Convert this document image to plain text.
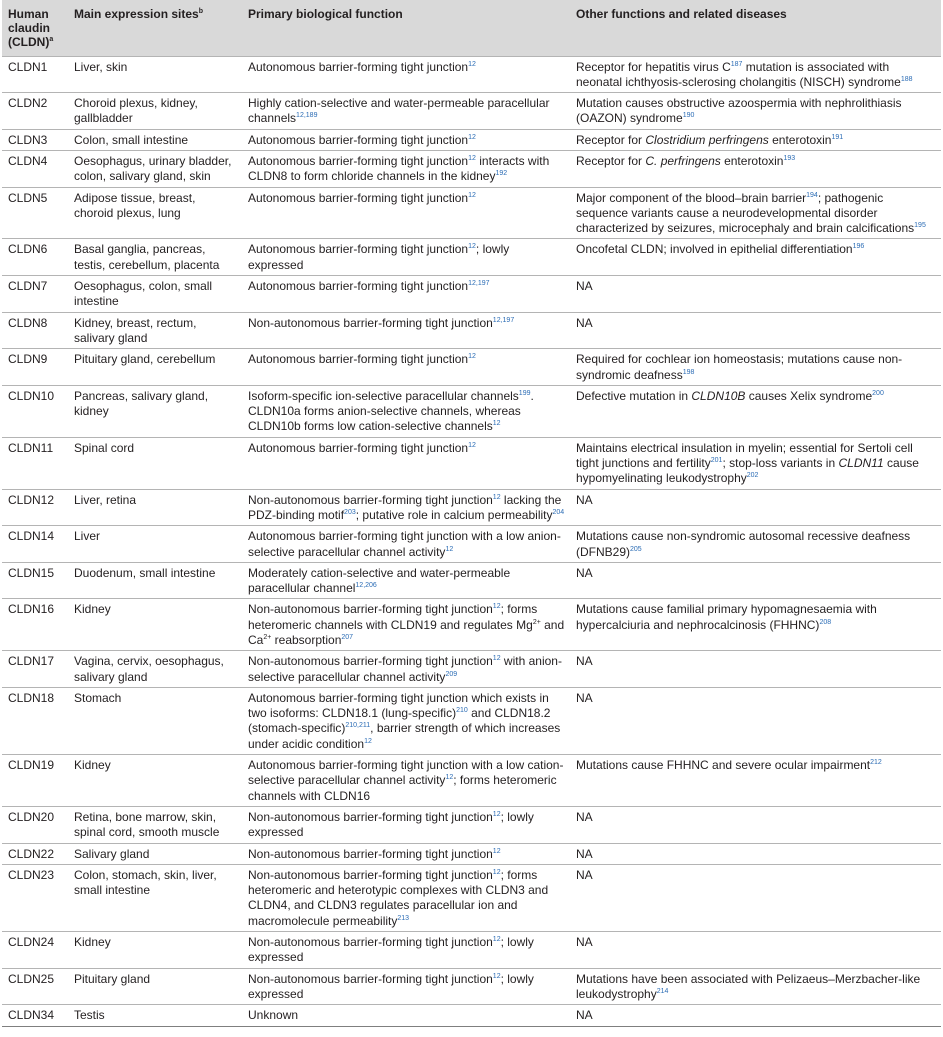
Human claudin (CLDN)$^a$	Main expression sites$^b$	Primary biological function	Other functions and related diseases
CLDN1	Liver, skin	Autonomous barrier-forming tight junction$^{12}$	Receptor for hepatitis virus $C^{187}$ mutation is associated with neonatal ichthyosis-sclerosing cholangitis (NISCH) syndrome$^{188}$
CLDN2	Choroid plexus, kidney, gallbladder	Highly cation-selective and water-permeable paracellular channels$^{12,189}$	Mutation causes obstructive azoospermia with nephrolithiasis (OAZON) syndrome$^{190}$
CLDN3	Colon, small intestine	Autonomous barrier-forming tight junction$^{12}$	Receptor for Clostridium perfringens enterotoxin$^{191}$
CLDN4	Oesophagus, urinary bladder, colon, salivary gland, skin	Autonomous barrier-forming tight junction$^{12}$ interacts with CLDN8 to form chloride channels in the kidney$^{192}$	Receptor for C. perfringens enterotoxin$^{193}$
CLDN5	Adipose tissue, breast, choroid plexus, lung	Autonomous barrier-forming tight junction$^{12}$	Major component of the blood–brain barrier$^{194}$; pathogenic sequence variants cause a neurodevelopmental disorder characterized by seizures, microcephaly and brain calcifications$^{195}$
CLDN6	Basal ganglia, pancreas, testis, cerebellum, placenta	Autonomous barrier-forming tight junction$^{12}$; lowly expressed	Oncofetal CLDN; involved in epithelial differentiation$^{196}$
CLDN7	Oesophagus, colon, small intestine	Autonomous barrier-forming tight junction$^{12,197}$	NA
CLDN8	Kidney, breast, rectum, salivary gland	Non-autonomous barrier-forming tight junction$^{12,197}$	NA
CLDN9	Pituitary gland, cerebellum	Autonomous barrier-forming tight junction$^{12}$	Required for cochlear ion homeostasis; mutations cause non-syndromic deafness$^{198}$
CLDN10	Pancreas, salivary gland, kidney	Isoform-specific ion-selective paracellular channels$^{199}$. CLDN10a forms anion-selective channels, whereas CLDN10b forms low cation-selective channels$^{12}$	Defective mutation in CLDN10B causes Xelix syndrome$^{200}$
CLDN11	Spinal cord	Autonomous barrier-forming tight junction$^{12}$	Maintains electrical insulation in myelin; essential for Sertoli cell tight junctions and fertility$^{201}$; stop-loss variants in CLDN11 cause hypomyelinating leukodystrophy$^{202}$
CLDN12	Liver, retina	Non-autonomous barrier-forming tight junction$^{12}$ lacking the PDZ-binding motif$^{203}$; putative role in calcium permeability$^{204}$	NA
CLDN14	Liver	Autonomous barrier-forming tight junction with a low anion-selective paracellular channel activity$^{12}$	Mutations cause non-syndromic autosomal recessive deafness (DFNB29)$^{205}$
CLDN15	Duodenum, small intestine	Moderately cation-selective and water-permeable paracellular channel$^{12,206}$	NA
CLDN16	Kidney	Non-autonomous barrier-forming tight junction$^{12}$; forms heteromeric channels with CLDN19 and regulates $Mg^{2+}$ and $Ca^{2+}$ reabsorption$^{207}$	Mutations cause familial primary hypomagnesaemia with hypercalciuria and nephrocalcinosis (FHHNC)$^{208}$
CLDN17	Vagina, cervix, oesophagus, salivary gland	Non-autonomous barrier-forming tight junction$^{12}$ with anion-selective paracellular channel activity$^{209}$	NA
CLDN18	Stomach	Autonomous barrier-forming tight junction which exists in two isoforms: CLDN18.1 (lung-specific)$^{210}$ and CLDN18.2 (stomach-specific)$^{210,211}$, barrier strength of which increases under acidic condition$^{12}$	NA
CLDN19	Kidney	Autonomous barrier-forming tight junction with a low cation-selective paracellular channel activity$^{12}$; forms heteromeric channels with CLDN16	Mutations cause FHHNC and severe ocular impairment$^{212}$
CLDN20	Retina, bone marrow, skin, spinal cord, smooth muscle	Non-autonomous barrier-forming tight junction$^{12}$; lowly expressed	NA
CLDN22	Salivary gland	Non-autonomous barrier-forming tight junction$^{12}$	NA
CLDN23	Colon, stomach, skin, liver, small intestine	Non-autonomous barrier-forming tight junction$^{12}$; forms heteromeric and heterotypic complexes with CLDN3 and CLDN4, and CLDN3 regulates paracellular ion and macromolecule permeability$^{213}$	NA
CLDN24	Kidney	Non-autonomous barrier-forming tight junction$^{12}$; lowly expressed	NA
CLDN25	Pituitary gland	Non-autonomous barrier-forming tight junction$^{12}$; lowly expressed	Mutations have been associated with Pelizaeus–Merzbacher-like leukodystrophy$^{214}$
CLDN34	Testis	Unknown	NA
